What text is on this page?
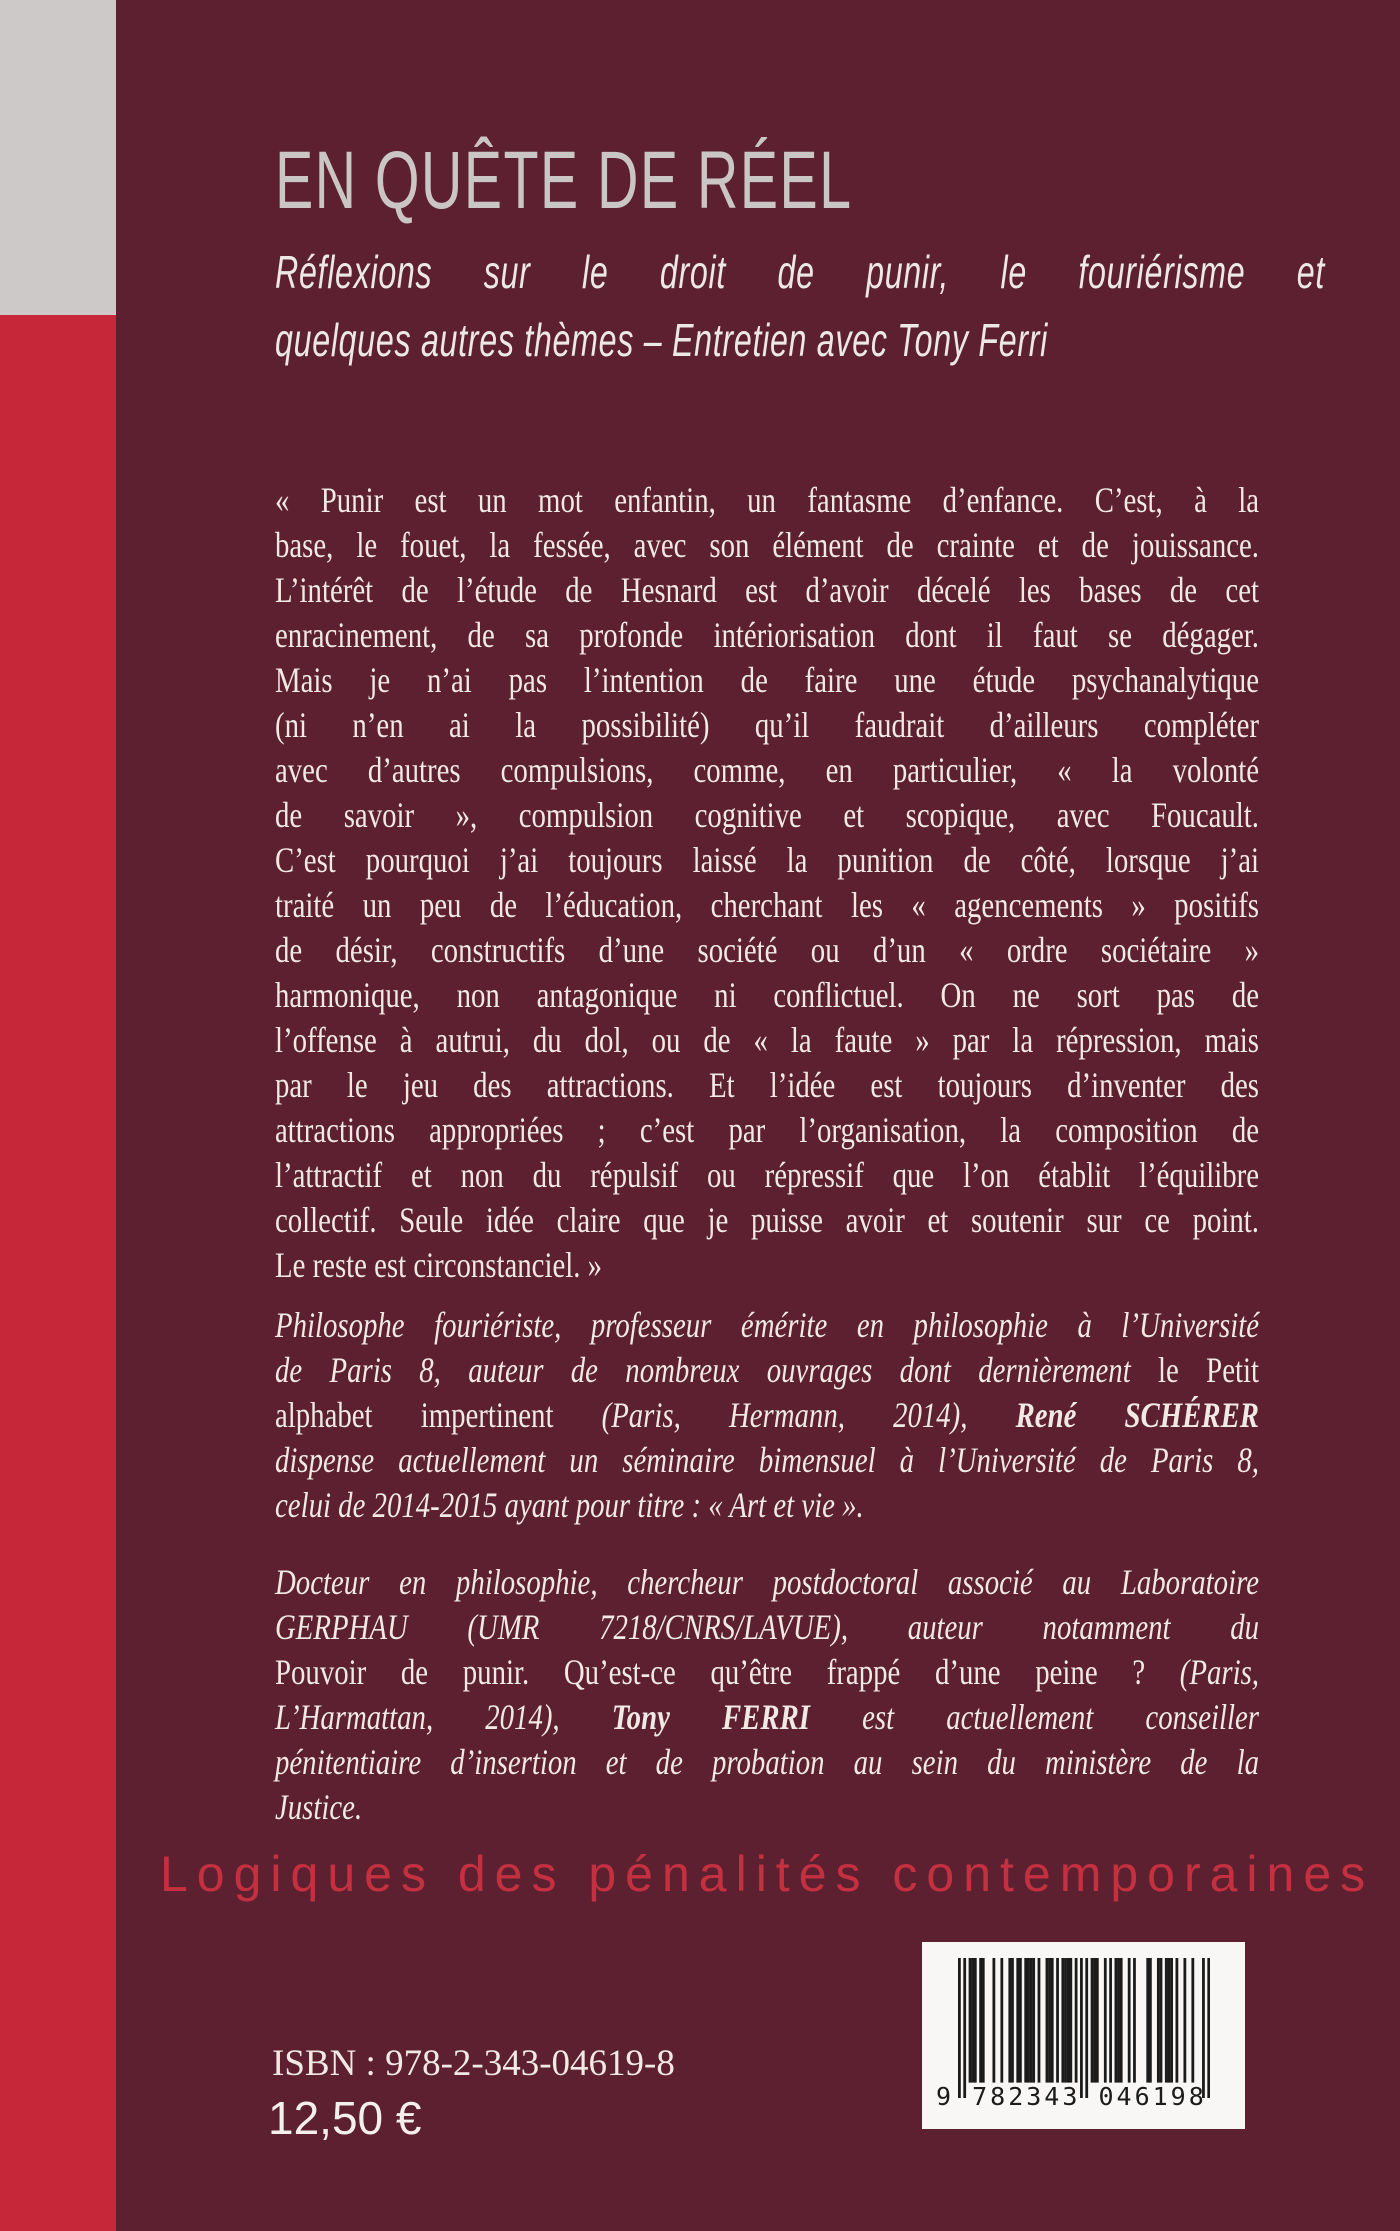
EN QUÊTE DE RÉEL
Réflexions sur le droit de punir, le fouriérisme et
quelques autres thèmes – Entretien avec Tony Ferri
« Punir est un mot enfantin, un fantasme d’enfance. C’est, à la
base, le fouet, la fessée, avec son élément de crainte et de jouissance.
L’intérêt de l’étude de Hesnard est d’avoir décelé les bases de cet
enracinement, de sa profonde intériorisation dont il faut se dégager.
Mais je n’ai pas l’intention de faire une étude psychanalytique
(ni n’en ai la possibilité) qu’il faudrait d’ailleurs compléter
avec d’autres compulsions, comme, en particulier, « la volonté
de savoir », compulsion cognitive et scopique, avec Foucault.
C’est pourquoi j’ai toujours laissé la punition de côté, lorsque j’ai
traité un peu de l’éducation, cherchant les « agencements » positifs
de désir, constructifs d’une société ou d’un « ordre sociétaire »
harmonique, non antagonique ni conflictuel. On ne sort pas de
l’offense à autrui, du dol, ou de « la faute » par la répression, mais
par le jeu des attractions. Et l’idée est toujours d’inventer des
attractions appropriées ; c’est par l’organisation, la composition de
l’attractif et non du répulsif ou répressif que l’on établit l’équilibre
collectif. Seule idée claire que je puisse avoir et soutenir sur ce point.
Le reste est circonstanciel. »
Philosophe fouriériste, professeur émérite en philosophie à l’Université
de Paris 8, auteur de nombreux ouvrages dont dernièrement le Petit
alphabet impertinent (Paris, Hermann, 2014), René SCHÉRER
dispense actuellement un séminaire bimensuel à l’Université de Paris 8,
celui de 2014-2015 ayant pour titre : « Art et vie ».
Docteur en philosophie, chercheur postdoctoral associé au Laboratoire
GERPHAU (UMR 7218/CNRS/LAVUE), auteur notamment du
Pouvoir de punir. Qu’est-ce qu’être frappé d’une peine ? (Paris,
L’Harmattan, 2014), Tony FERRI est actuellement conseiller
pénitentiaire d’insertion et de probation au sein du ministère de la
Justice.
Logiques des pénalités contemporaines
ISBN : 978-2-343-04619-8
12,50 €	9 782343 046198
